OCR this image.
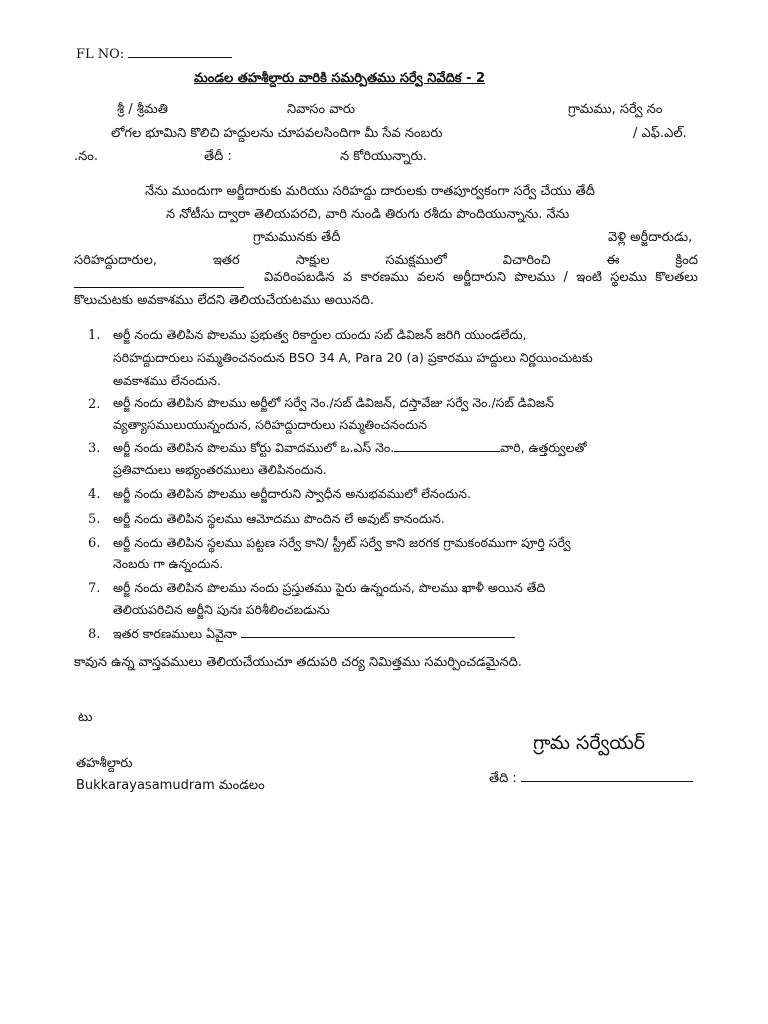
FL NO:
మండల తహశీల్దారు వారికి సమర్పితము సర్వే నివేదిక - 2
శ్రీ / శ్రీమతి	నివాసం వారు	గ్రామము, సర్వే నం
లోగల భూమిని కొలిచి హద్దులను చూపవలసిందిగా మీ సేవ నంబరు	/ ఎఫ్.ఎల్.
.నం.	తేదీ :	న కోరియున్నారు.
నేను ముందుగా అర్జీదారుకు మరియు సరిహద్దు దారులకు రాతపూర్వకంగా సర్వే చేయు తేదీ
న నోటీసు ద్వారా తెలియపరచి, వారి నుండి తిరుగు రశీదు పొందియున్నాను. నేను
గ్రామమునకు తేదీ	వెళ్లి అర్జీదారుడు,
సరిహద్దుదారుల,	ఇతర	సాక్షుల	సమక్షములో	విచారించి	ఈ	క్రింద
వివరింపబడిన వ కారణము వలన అర్జీదారుని పొలము / ఇంటి స్థలము కొలతలు
కొలుచుటకు అవకాశము లేదని తెలియచేయటము అయినది.
1. అర్జీ నందు తెలిపిన పొలము ప్రభుత్వ రికార్డుల యందు సబ్ డివిజన్ జరిగి యుండలేదు,
సరిహద్దుదారులు సమ్మతించనందున BSO 34 A, Para 20 (a) ప్రకారము హద్దులు నిర్ణయించుటకు
అవకాశము లేనందున.
2. అర్జీ నందు తెలిపిన పొలము అర్జీలో సర్వే నెం./సబ్ డివిజన్, దస్తావేజు సర్వే నెం./సబ్ డివిజన్
వ్యత్యాసములుయున్నందున, సరిహద్దుదారులు సమ్మతించనందున
3. అర్జీ నందు తెలిపిన పొలము కోర్టు వివాదములో ఒ.ఎస్ నెం.	వారి, ఉత్తర్వులతో
ప్రతివాదులు అభ్యంతరములు తెలిపినందున.
4. అర్జీ నందు తెలిపిన పొలము అర్జీదారుని స్వాధీన అనుభవములో లేనందున.
5. అర్జీ నందు తెలిపిన స్థలము ఆమోదము పొందిన లే అవుట్ కానందున.
6. అర్జీ నందు తెలిపిన స్థలము పట్టణ సర్వే కాని/ స్ట్రీట్ సర్వే కాని జరగక గ్రామకంఠముగా పూర్తి సర్వే
నెంబరు గా ఉన్నందున.
7. అర్జీ నందు తెలిపిన పొలము నందు ప్రస్తుతము పైరు ఉన్నందున, పొలము ఖాళీ అయిన తేది
తెలియపరిచిన అర్జీని పునః పరిశీలించబడును
8. ఇతర కారణములు ఏవైనా
కావున ఉన్న వాస్తవములు తెలియచేయుచూ తదుపరి చర్య నిమిత్తము సమర్పించడమైనది.
టు
గ్రామ సర్వేయర్
తహశీల్దారు
తేది :
Bukkarayasamudram మండలం
